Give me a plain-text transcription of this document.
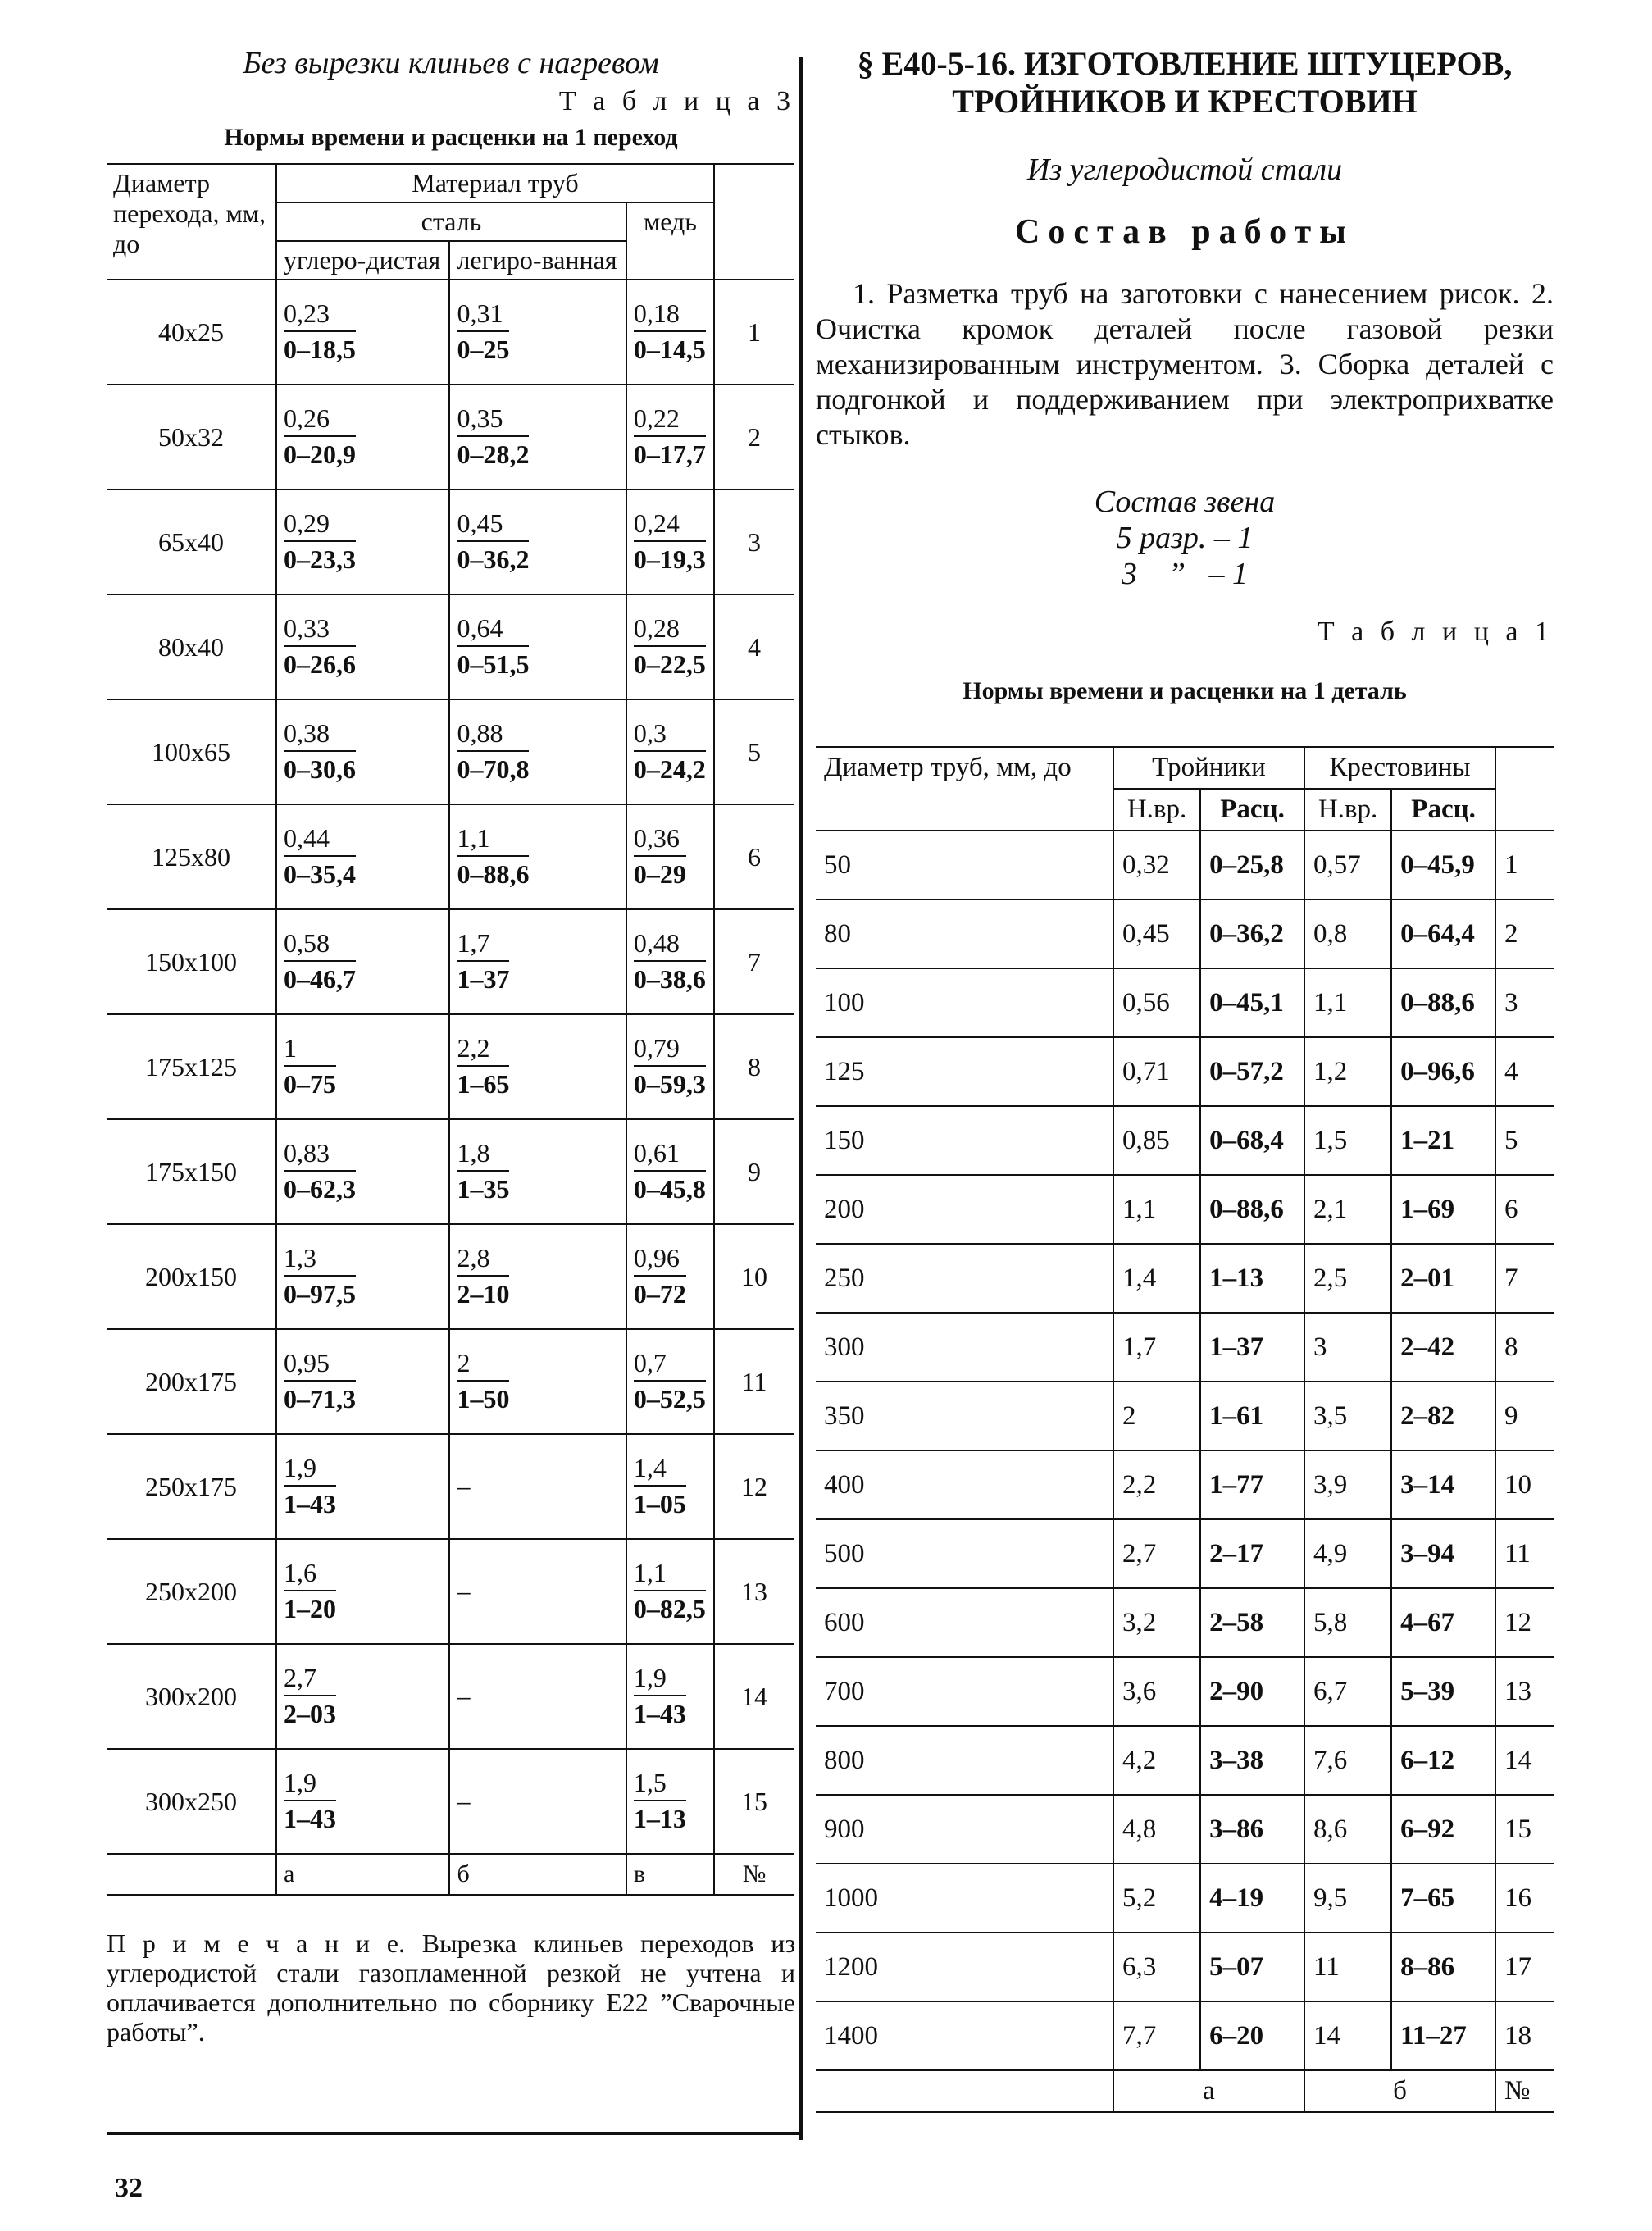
Без вырезки клиньев с нагревом
Т а б л и ц а 3
Нормы времени и расценки на 1 переход
Диаметр перехода, мм, до	Материал труб			
	сталь		медь	
	углеро-дистая	легиро-ванная		
40x25	$\frac{0,23}{0-18,5}$	$\frac{0,31}{0-25}$	$\frac{0,18}{0-14,5}$	1
50x32	$\frac{0,26}{0-20,9}$	$\frac{0,35}{0-28,2}$	$\frac{0,22}{0-17,7}$	2
65x40	$\frac{0,29}{0-23,3}$	$\frac{0,45}{0-36,2}$	$\frac{0,24}{0-19,3}$	3
80x40	$\frac{0,33}{0-26,6}$	$\frac{0,64}{0-51,5}$	$\frac{0,28}{0-22,5}$	4
100x65	$\frac{0,38}{0-30,6}$	$\frac{0,88}{0-70,8}$	$\frac{0,3}{0-24,2}$	5
125x80	$\frac{0,44}{0-35,4}$	$\frac{1,1}{0-88,6}$	$\frac{0,36}{0-29}$	6
150x100	$\frac{0,58}{0-46,7}$	$\frac{1,7}{1-37}$	$\frac{0,48}{0-38,6}$	7
175x125	$\frac{1}{0-75}$	$\frac{2,2}{1-65}$	$\frac{0,79}{0-59,3}$	8
175x150	$\frac{0,83}{0-62,3}$	$\frac{1,8}{1-35}$	$\frac{0,61}{0-45,8}$	9
200x150	$\frac{1,3}{0-97,5}$	$\frac{2,8}{2-10}$	$\frac{0,96}{0-72}$	10
200x175	$\frac{0,95}{0-71,3}$	$\frac{2}{1-50}$	$\frac{0,7}{0-52,5}$	11
250x175	$\frac{1,9}{1-43}$	–	$\frac{1,4}{1-05}$	12
250x200	$\frac{1,6}{1-20}$	–	$\frac{1,1}{0-82,5}$	13
300x200	$\frac{2,7}{2-03}$	–	$\frac{1,9}{1-43}$	14
300x250	$\frac{1,9}{1-43}$	–	$\frac{1,5}{1-13}$	15
	а	б	в	№
П р и м е ч а н и е. Вырезка клиньев переходов из углеродистой стали газопламенной резкой не учтена и оплачивается дополнительно по сборнику Е22 ”Сварочные работы”.
§ Е40-5-16. ИЗГОТОВЛЕНИЕ ШТУЦЕРОВ, ТРОЙНИКОВ И КРЕСТОВИН
Из углеродистой стали
Состав работы
1. Разметка труб на заготовки с нанесением рисок. 2. Очистка кромок деталей после газовой резки механизированным инструментом. 3. Сборка деталей с подгонкой и поддерживанием при электроприхватке стыков.
Состав звена
5 разр. – 1
3    ”   – 1
Т а б л и ц а 1
Нормы времени и расценки на 1 деталь
Диаметр труб, мм, до	Тройники		Крестовины		
	Н.вр.	Расц.	Н.вр.	Расц.	
50	0,32	0–25,8	0,57	0–45,9	1
80	0,45	0–36,2	0,8	0–64,4	2
100	0,56	0–45,1	1,1	0–88,6	3
125	0,71	0–57,2	1,2	0–96,6	4
150	0,85	0–68,4	1,5	1–21	5
200	1,1	0–88,6	2,1	1–69	6
250	1,4	1–13	2,5	2–01	7
300	1,7	1–37	3	2–42	8
350	2	1–61	3,5	2–82	9
400	2,2	1–77	3,9	3–14	10
500	2,7	2–17	4,9	3–94	11
600	3,2	2–58	5,8	4–67	12
700	3,6	2–90	6,7	5–39	13
800	4,2	3–38	7,6	6–12	14
900	4,8	3–86	8,6	6–92	15
1000	5,2	4–19	9,5	7–65	16
1200	6,3	5–07	11	8–86	17
1400	7,7	6–20	14	11–27	18
	а		б		№
32
